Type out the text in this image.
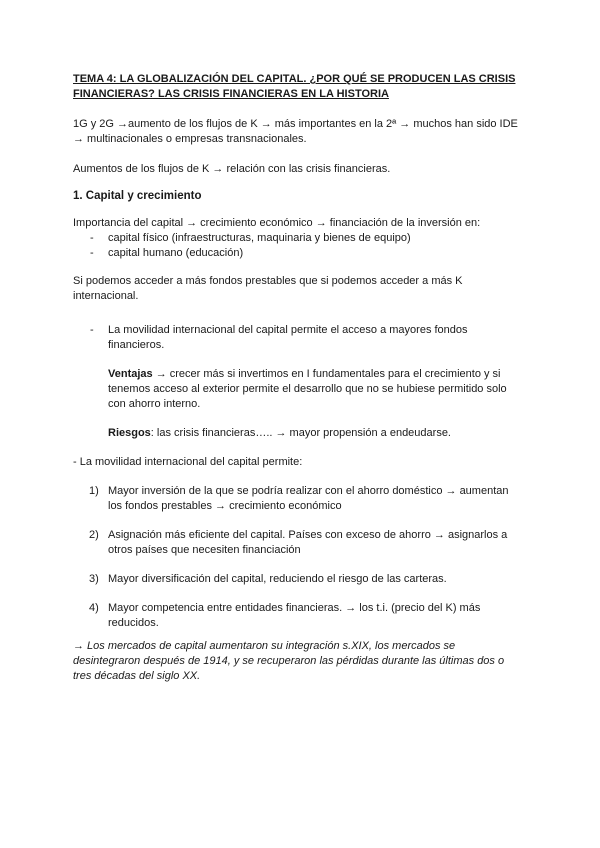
TEMA 4: LA GLOBALIZACIÓN DEL CAPITAL. ¿POR QUÉ SE PRODUCEN LAS CRISIS

FINANCIERAS? LAS CRISIS FINANCIERAS EN LA HISTORIA

1G y 2G →aumento de los flujos de K → más importantes en la 2ª → muchos han sido IDE → multinacionales o empresas transnacionales.

Aumentos de los flujos de K → relación con las crisis financieras.

1. Capital y crecimiento

Importancia del capital → crecimiento económico → financiación de la inversión en:

- capital físico (infraestructuras, maquinaria y bienes de equipo)
- capital humano (educación)

Si podemos acceder a más fondos prestables que si podemos acceder a más K internacional.

- La movilidad internacional del capital permite el acceso a mayores fondos financieros.

Ventajas → crecer más si invertimos en I fundamentales para el crecimiento y si tenemos acceso al exterior permite el desarrollo que no se hubiese permitido solo con ahorro interno.

Riesgos: las crisis financieras….. → mayor propensión a endeudarse.

- La movilidad internacional del capital permite:

1) Mayor inversión de la que se podría realizar con el ahorro doméstico → aumentan los fondos prestables → crecimiento económico
2) Asignación más eficiente del capital. Países con exceso de ahorro → asignarlos a otros países que necesiten financiación
3) Mayor diversificación del capital, reduciendo el riesgo de las carteras.
4) Mayor competencia entre entidades financieras. → los t.i. (precio del K) más reducidos.

→ Los mercados de capital aumentaron su integración s.XIX, los mercados se desintegraron después de 1914, y se recuperaron las pérdidas durante las últimas dos o tres décadas del siglo XX.
